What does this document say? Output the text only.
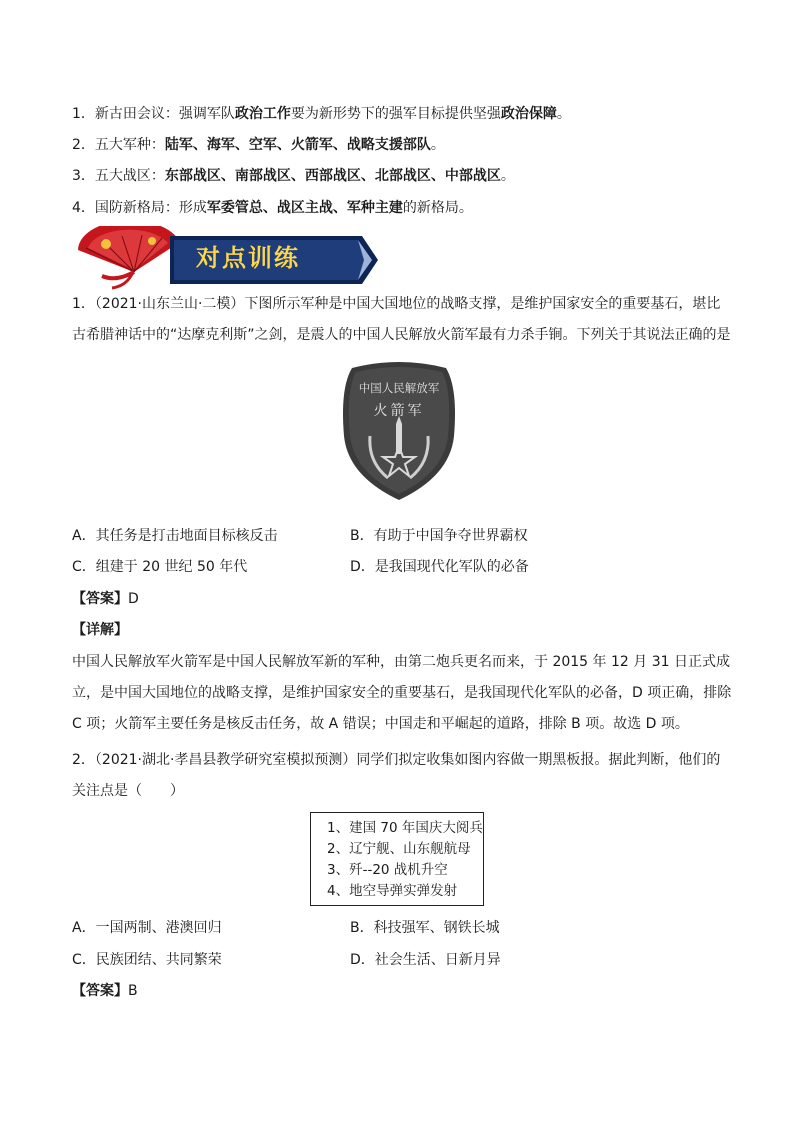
1．新古田会议：强调军队政治工作要为新形势下的强军目标提供坚强政治保障。
2．五大军种：陆军、海军、空军、火箭军、战略支援部队。
3．五大战区：东部战区、南部战区、西部战区、北部战区、中部战区。
4．国防新格局：形成军委管总、战区主战、军种主建的新格局。
对点训练
1．（2021·山东兰山·二模）下图所示军种是中国大国地位的战略支撑，是维护国家安全的重要基石，堪比
古希腊神话中的“达摩克利斯”之剑，是震人的中国人民解放火箭军最有力杀手锏。下列关于其说法正确的是
中国人民解放军
火箭军
A．其任务是打击地面目标核反击	B．有助于中国争夺世界霸权
C．组建于 20 世纪 50 年代	D．是我国现代化军队的必备
【答案】D
【详解】
中国人民解放军火箭军是中国人民解放军新的军种，由第二炮兵更名而来，于 2015 年 12 月 31 日正式成立，是中国大国地位的战略支撑，是维护国家安全的重要基石，是我国现代化军队的必备，D 项正确，排除 C 项；火箭军主要任务是核反击任务，故 A 错误；中国走和平崛起的道路，排除 B 项。故选 D 项。
2．（2021·湖北·孝昌县教学研究室模拟预测）同学们拟定收集如图内容做一期黑板报。据此判断，他们的
关注点是（　　）
1、建国 70 年国庆大阅兵
2、辽宁舰、山东舰航母
3、歼--20 战机升空
4、地空导弹实弹发射
A．一国两制、港澳回归	B．科技强军、钢铁长城
C．民族团结、共同繁荣	D．社会生活、日新月异
【答案】B
